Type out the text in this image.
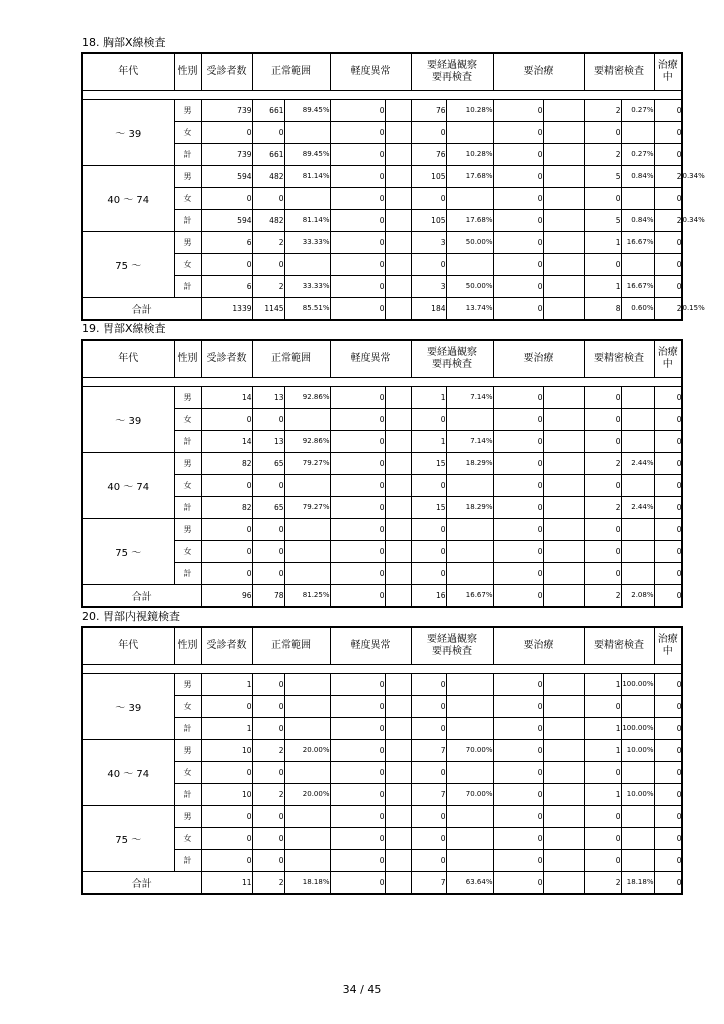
18. 胸部X線検査
年代	性別	受診者数	正常範囲		軽度異常		要経過観察
要再検査		要治療		要精密検査		治療中	

～ 39	男	739	661	89.45%	0		76	10.28%	0		2	0.27%	0	
	女	0	0		0		0		0		0		0	
	計	739	661	89.45%	0		76	10.28%	0		2	0.27%	0	
40 ～ 74	男	594	482	81.14%	0		105	17.68%	0		5	0.84%	2	0.34%
	女	0	0		0		0		0		0		0	
	計	594	482	81.14%	0		105	17.68%	0		5	0.84%	2	0.34%
75 ～	男	6	2	33.33%	0		3	50.00%	0		1	16.67%	0	
	女	0	0		0		0		0		0		0	
	計	6	2	33.33%	0		3	50.00%	0		1	16.67%	0	
合計		1339	1145	85.51%	0		184	13.74%	0		8	0.60%	2	0.15%
19. 胃部X線検査
年代	性別	受診者数	正常範囲		軽度異常		要経過観察
要再検査		要治療		要精密検査		治療中	

～ 39	男	14	13	92.86%	0		1	7.14%	0		0		0	
	女	0	0		0		0		0		0		0	
	計	14	13	92.86%	0		1	7.14%	0		0		0	
40 ～ 74	男	82	65	79.27%	0		15	18.29%	0		2	2.44%	0	
	女	0	0		0		0		0		0		0	
	計	82	65	79.27%	0		15	18.29%	0		2	2.44%	0	
75 ～	男	0	0		0		0		0		0		0	
	女	0	0		0		0		0		0		0	
	計	0	0		0		0		0		0		0	
合計		96	78	81.25%	0		16	16.67%	0		2	2.08%	0	
20. 胃部内視鏡検査
年代	性別	受診者数	正常範囲		軽度異常		要経過観察
要再検査		要治療		要精密検査		治療中	

～ 39	男	1	0		0		0		0		1	100.00%	0	
	女	0	0		0		0		0		0		0	
	計	1	0		0		0		0		1	100.00%	0	
40 ～ 74	男	10	2	20.00%	0		7	70.00%	0		1	10.00%	0	
	女	0	0		0		0		0		0		0	
	計	10	2	20.00%	0		7	70.00%	0		1	10.00%	0	
75 ～	男	0	0		0		0		0		0		0	
	女	0	0		0		0		0		0		0	
	計	0	0		0		0		0		0		0	
合計		11	2	18.18%	0		7	63.64%	0		2	18.18%	0	
34 / 45
